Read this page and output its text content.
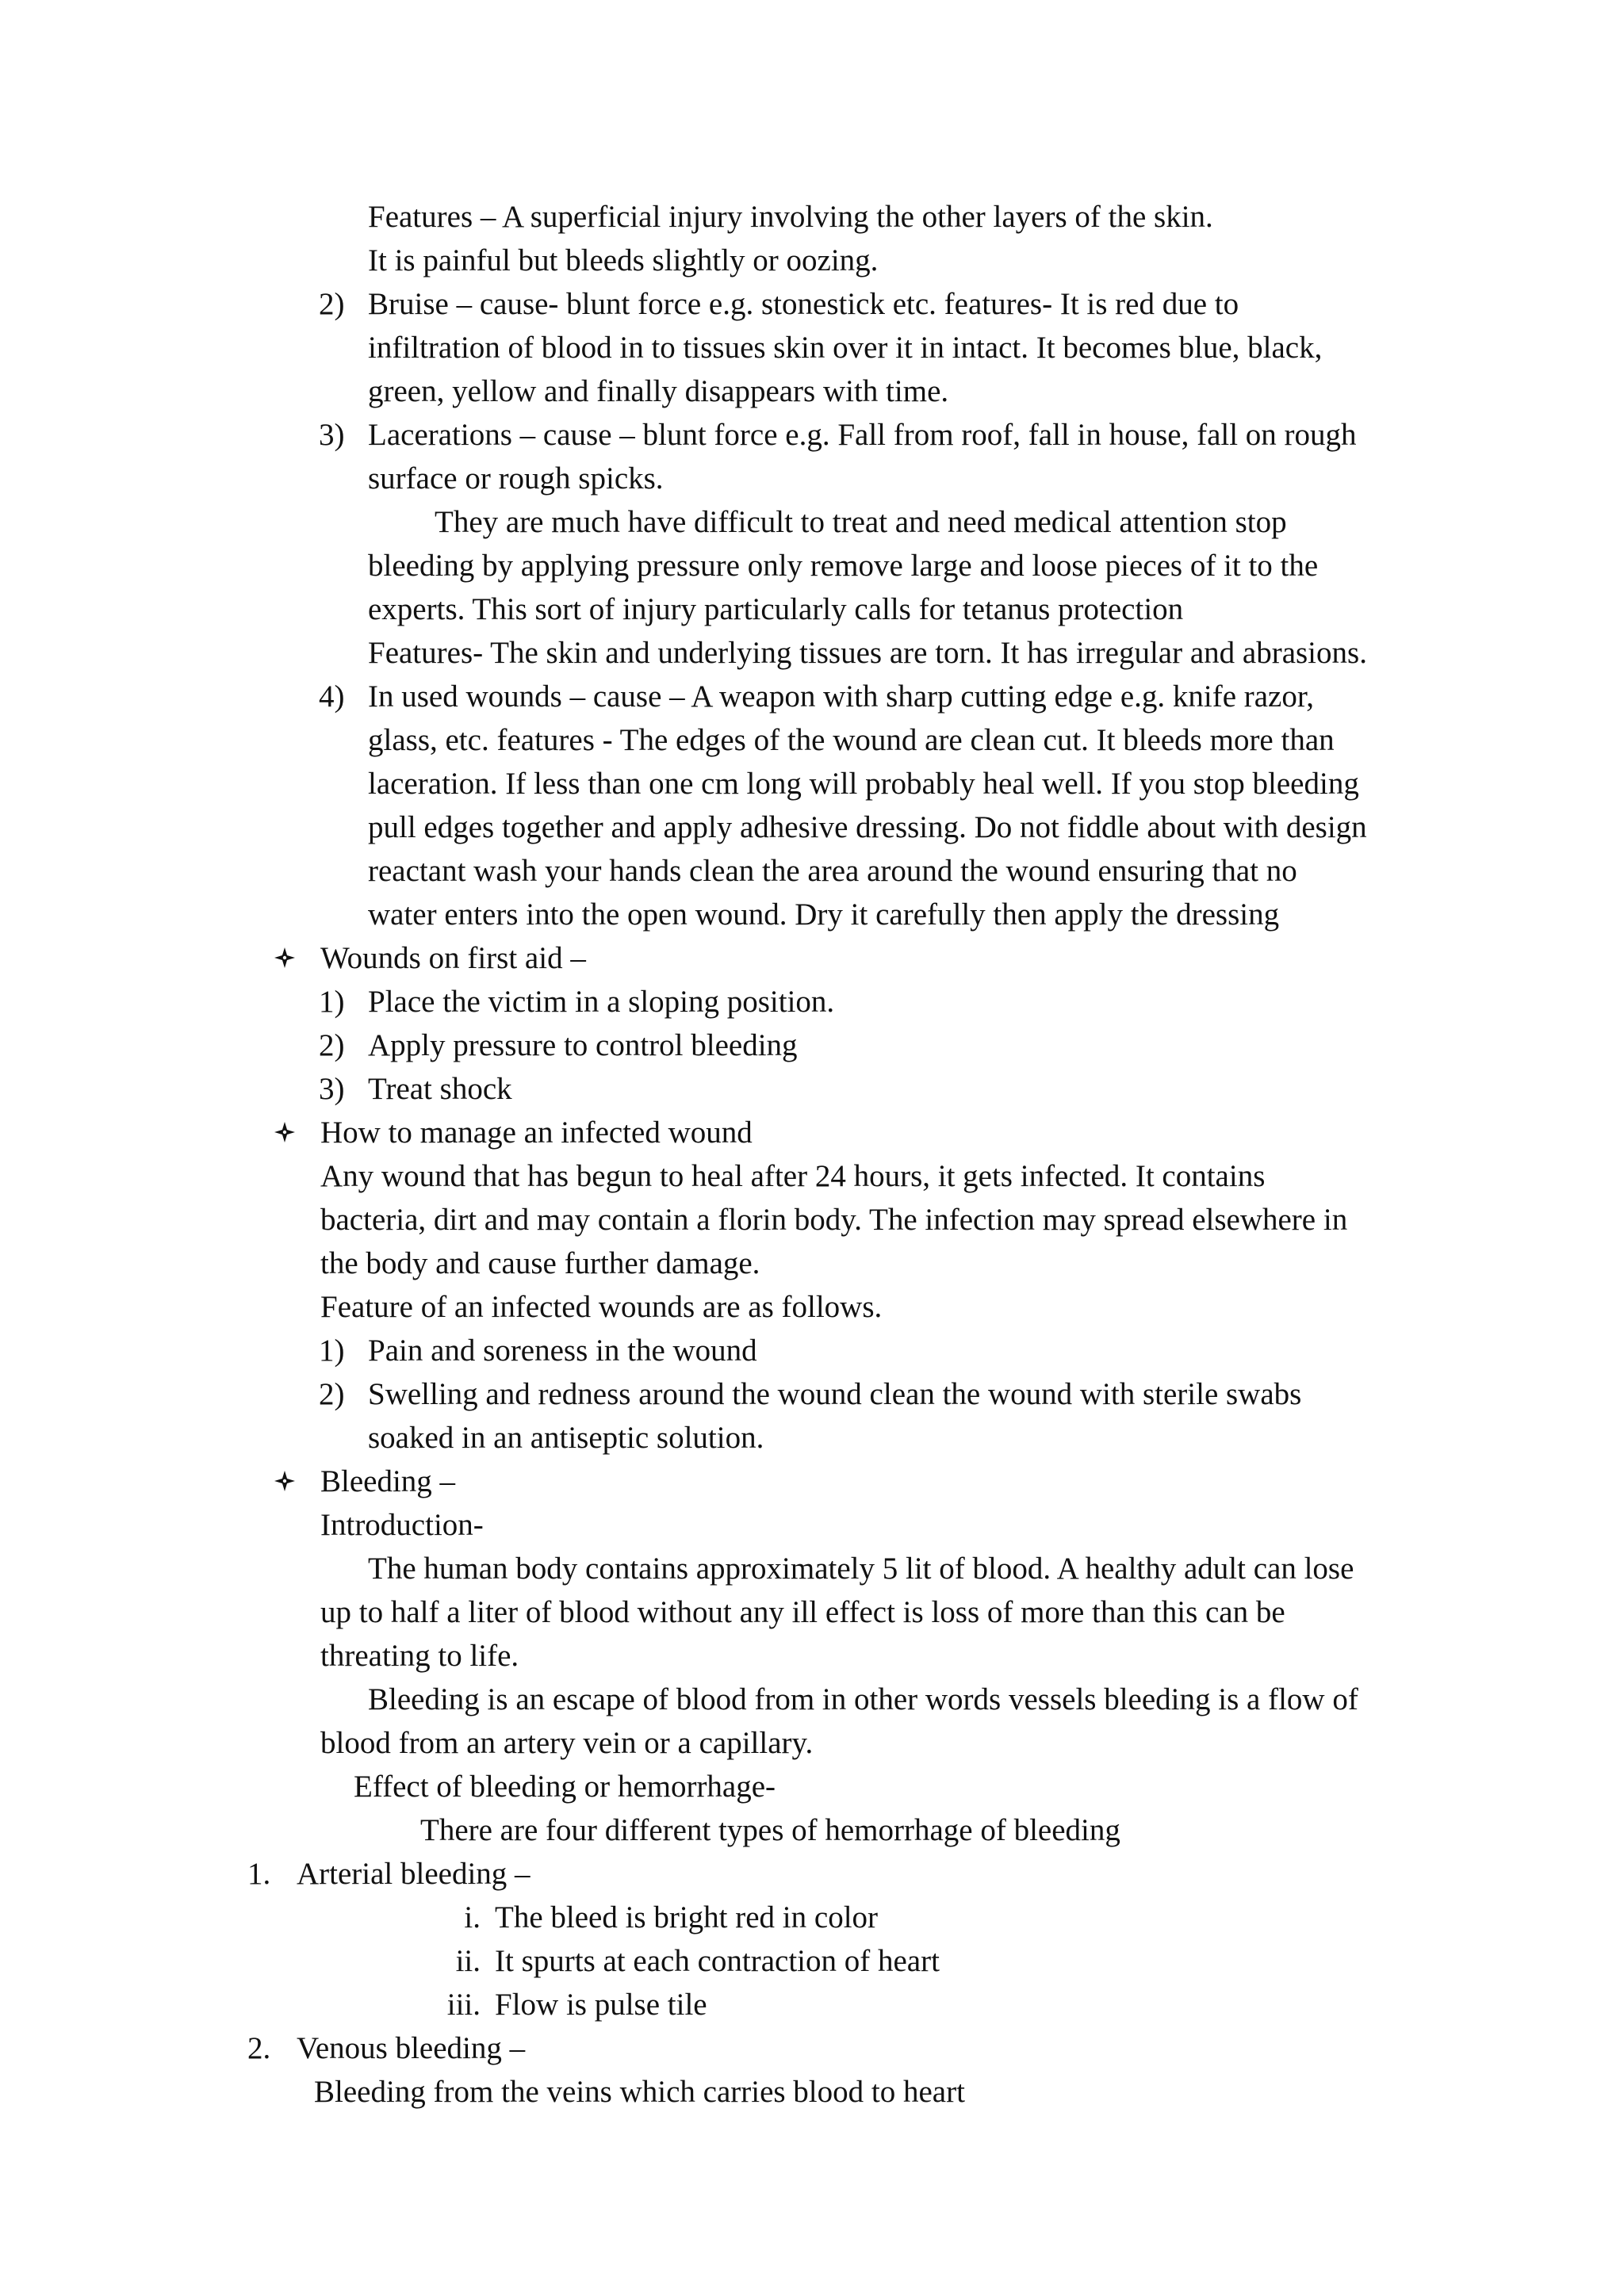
Features – A superficial injury involving the other layers of the skin.

It is painful but bleeds slightly or oozing.

2) Bruise – cause- blunt force e.g. stonestick etc. features- It is red due to

infiltration of blood in to tissues skin over it in intact. It becomes blue, black,

green, yellow and finally disappears with time.

3) Lacerations – cause – blunt force e.g. Fall from roof, fall in house, fall on rough

surface or rough spicks.

They are much have difficult to treat and need medical attention stop

bleeding by applying pressure only remove large and loose pieces of it to the

experts. This sort of injury particularly calls for tetanus protection

Features- The skin and underlying tissues are torn. It has irregular and abrasions.

4) In used wounds – cause – A weapon with sharp cutting edge e.g. knife razor,

glass, etc. features - The edges of the wound are clean cut. It bleeds more than

laceration. If less than one cm long will probably heal well. If you stop bleeding

pull edges together and apply adhesive dressing. Do not fiddle about with design

reactant wash your hands clean the area around the wound ensuring that no

water enters into the open wound. Dry it carefully then apply the dressing

Wounds on first aid –

1) Place the victim in a sloping position.

2) Apply pressure to control bleeding

3) Treat shock

How to manage an infected wound

Any wound that has begun to heal after 24 hours, it gets infected. It contains

bacteria, dirt and may contain a florin body. The infection may spread elsewhere in

the body and cause further damage.

Feature of an infected wounds are as follows.

1) Pain and soreness in the wound

2) Swelling and redness around the wound clean the wound with sterile swabs

soaked in an antiseptic solution.

Bleeding –

Introduction-

The human body contains approximately 5 lit of blood. A healthy adult can lose

up to half a liter of blood without any ill effect is loss of more than this can be

threating to life.

Bleeding is an escape of blood from in other words vessels bleeding is a flow of

blood from an artery vein or a capillary.

Effect of bleeding or hemorrhage-

There are four different types of hemorrhage of bleeding

1. Arterial bleeding –

i. The bleed is bright red in color

ii. It spurts at each contraction of heart

iii. Flow is pulse tile

2. Venous bleeding –

Bleeding from the veins which carries blood to heart
